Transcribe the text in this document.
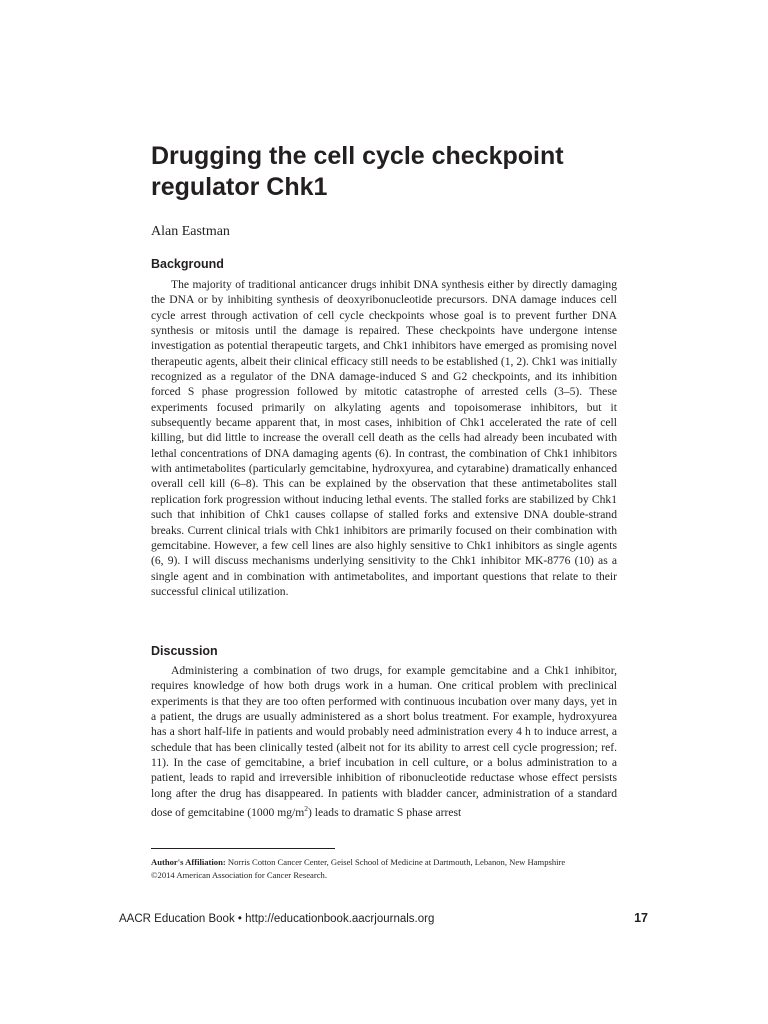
Drugging the cell cycle checkpoint regulator Chk1
Alan Eastman
Background

The majority of traditional anticancer drugs inhibit DNA synthesis either by directly damaging the DNA or by inhibiting synthesis of deoxyribonucleotide precursors. DNA damage induces cell cycle arrest through activation of cell cycle checkpoints whose goal is to prevent further DNA synthesis or mitosis until the damage is repaired. These checkpoints have undergone intense investigation as potential therapeutic targets, and Chk1 inhibitors have emerged as promising novel therapeutic agents, albeit their clinical efficacy still needs to be established (1, 2). Chk1 was initially recognized as a regulator of the DNA damage-induced S and G2 checkpoints, and its inhibition forced S phase progression followed by mitotic catastrophe of arrested cells (3–5). These experiments focused primarily on alkylating agents and topoisomerase inhibitors, but it subsequently became apparent that, in most cases, inhibition of Chk1 accelerated the rate of cell killing, but did little to increase the overall cell death as the cells had already been incubated with lethal concentrations of DNA damaging agents (6). In contrast, the combination of Chk1 inhibitors with antimetabolites (particularly gemcitabine, hydroxyurea, and cytarabine) dramatically enhanced overall cell kill (6–8). This can be explained by the observation that these antimetabolites stall replication fork progression without inducing lethal events. The stalled forks are stabilized by Chk1 such that inhibition of Chk1 causes collapse of stalled forks and extensive DNA double-strand breaks. Current clinical trials with Chk1 inhibitors are primarily focused on their combination with gemcitabine. However, a few cell lines are also highly sensitive to Chk1 inhibitors as single agents (6, 9). I will discuss mechanisms underlying sensitivity to the Chk1 inhibitor MK-8776 (10) as a single agent and in combination with antimetabolites, and important questions that relate to their successful clinical utilization.

Discussion

Administering a combination of two drugs, for example gemcitabine and a Chk1 inhibitor, requires knowledge of how both drugs work in a human. One critical problem with preclinical experiments is that they are too often performed with continuous incubation over many days, yet in a patient, the drugs are usually administered as a short bolus treatment. For example, hydroxyurea has a short half-life in patients and would probably need administration every 4 h to induce arrest, a schedule that has been clinically tested (albeit not for its ability to arrest cell cycle progression; ref. 11). In the case of gemcitabine, a brief incubation in cell culture, or a bolus administration to a patient, leads to rapid and irreversible inhibition of ribonucleotide reductase whose effect persists long after the drug has disappeared. In patients with bladder cancer, administration of a standard dose of gemcitabine (1000 $mg/m^2$) leads to dramatic S phase arrest

Author's Affiliation: Norris Cotton Cancer Center, Geisel School of Medicine at Dartmouth, Lebanon, New Hampshire
©2014 American Association for Cancer Research.
AACR Education Book • http://educationbook.aacrjournals.org	17
